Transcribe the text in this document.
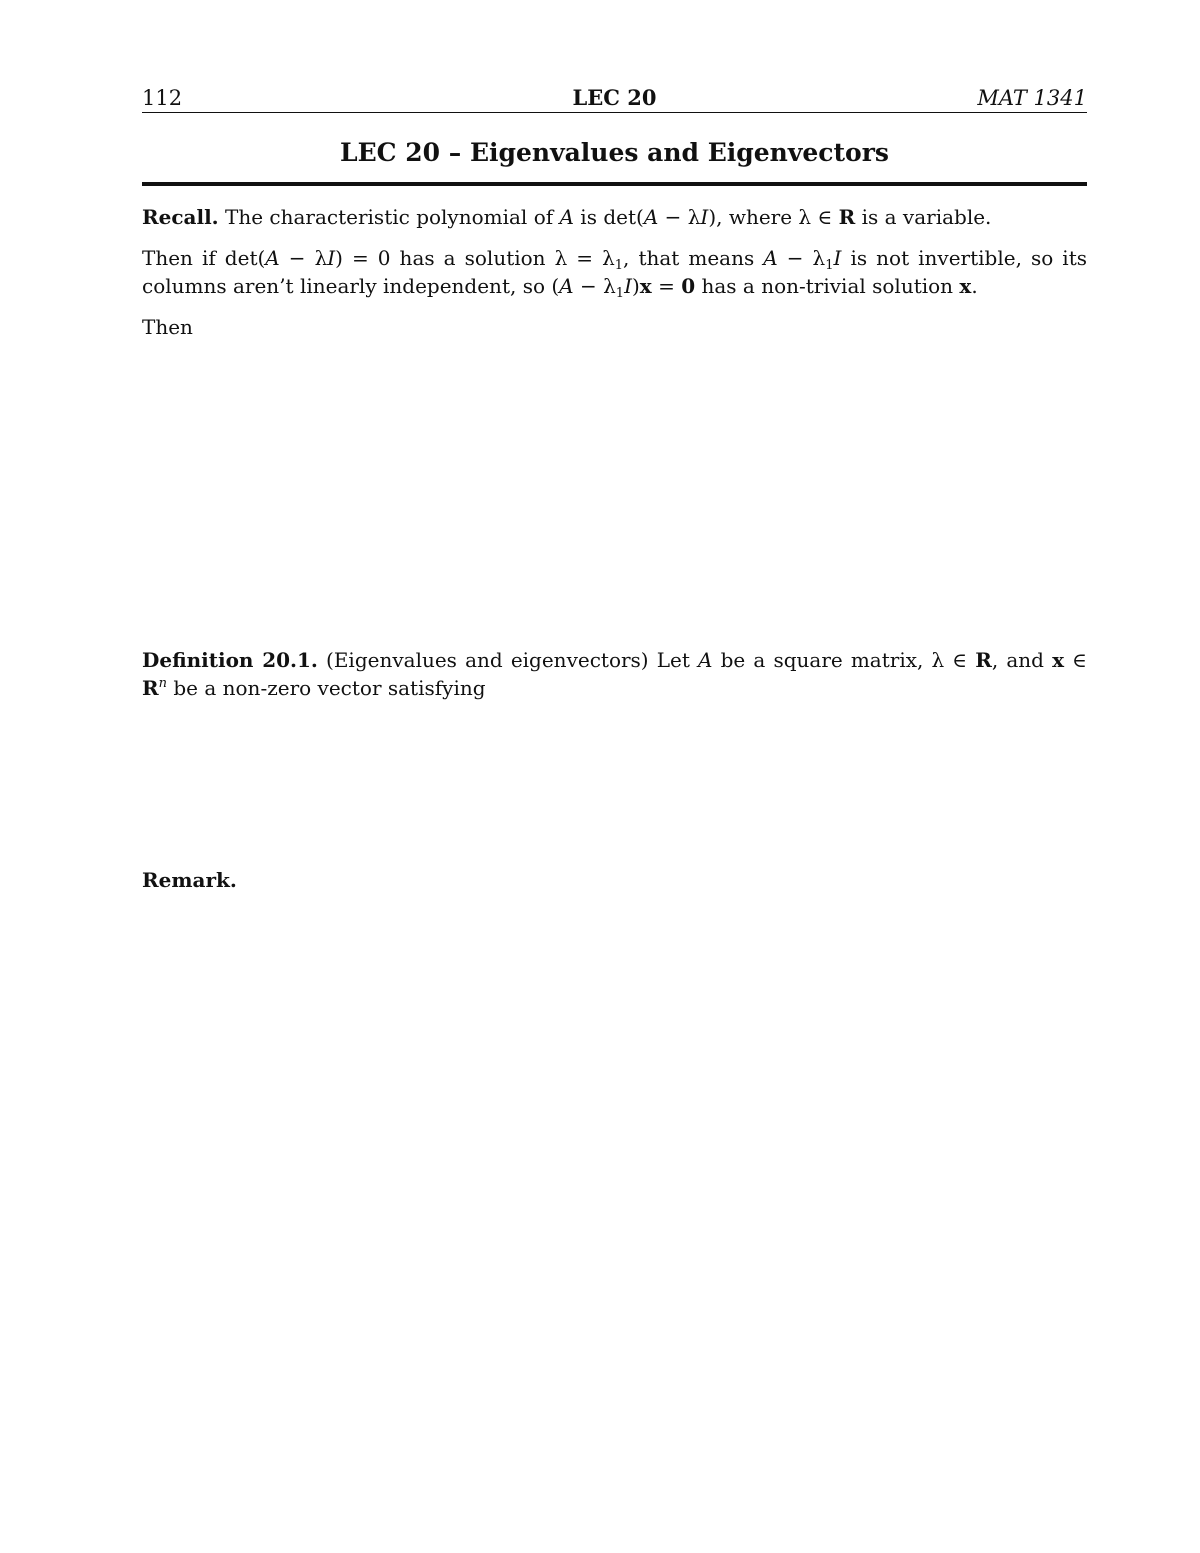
112	LEC 20	MAT 1341
LEC 20 – Eigenvalues and Eigenvectors
Recall. The characteristic polynomial of A is det(A − λI), where λ ∈ R is a variable.
Then if det(A − λI) = 0 has a solution $\lambda = \lambda_1$, that means $A - \lambda_1I$ is not invertible, so its columns aren’t linearly independent, so $(A - \lambda_1I)x = 0$ has a non-trivial solution x.
Then
Definition 20.1. (Eigenvalues and eigenvectors) Let A be a square matrix, λ ∈ R, and x ∈ $R^n$ be a non-zero vector satisfying
Remark.
